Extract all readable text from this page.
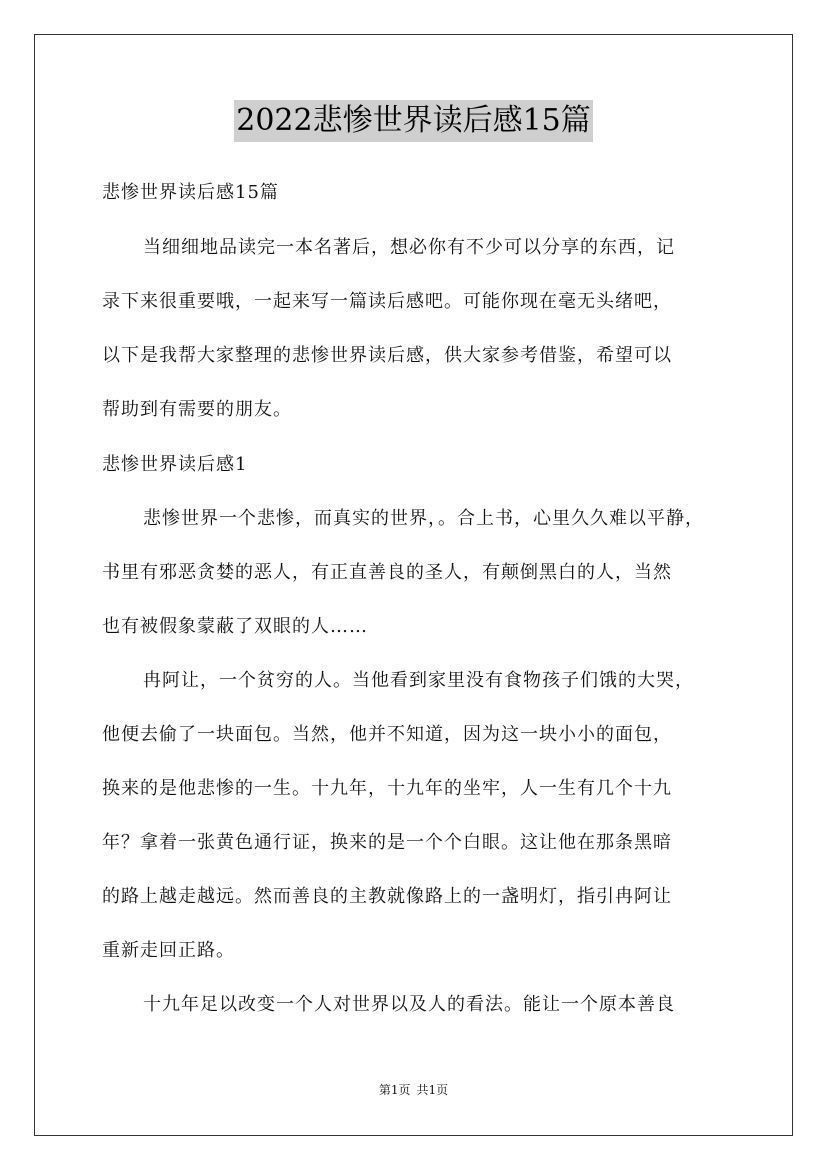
2022悲惨世界读后感15篇
悲惨世界读后感15篇
当细细地品读完一本名著后，想必你有不少可以分享的东西，记
录下来很重要哦，一起来写一篇读后感吧。可能你现在毫无头绪吧，
以下是我帮大家整理的悲惨世界读后感，供大家参考借鉴，希望可以
帮助到有需要的朋友。
悲惨世界读后感1
悲惨世界一个悲惨，而真实的世界，。合上书，心里久久难以平静，
书里有邪恶贪婪的恶人，有正直善良的圣人，有颠倒黑白的人，当然
也有被假象蒙蔽了双眼的人……
冉阿让，一个贫穷的人。当他看到家里没有食物孩子们饿的大哭，
他便去偷了一块面包。当然，他并不知道，因为这一块小小的面包，
换来的是他悲惨的一生。十九年，十九年的坐牢，人一生有几个十九
年？拿着一张黄色通行证，换来的是一个个白眼。这让他在那条黑暗
的路上越走越远。然而善良的主教就像路上的一盏明灯，指引冉阿让
重新走回正路。
十九年足以改变一个人对世界以及人的看法。能让一个原本善良
第1页 共1页
